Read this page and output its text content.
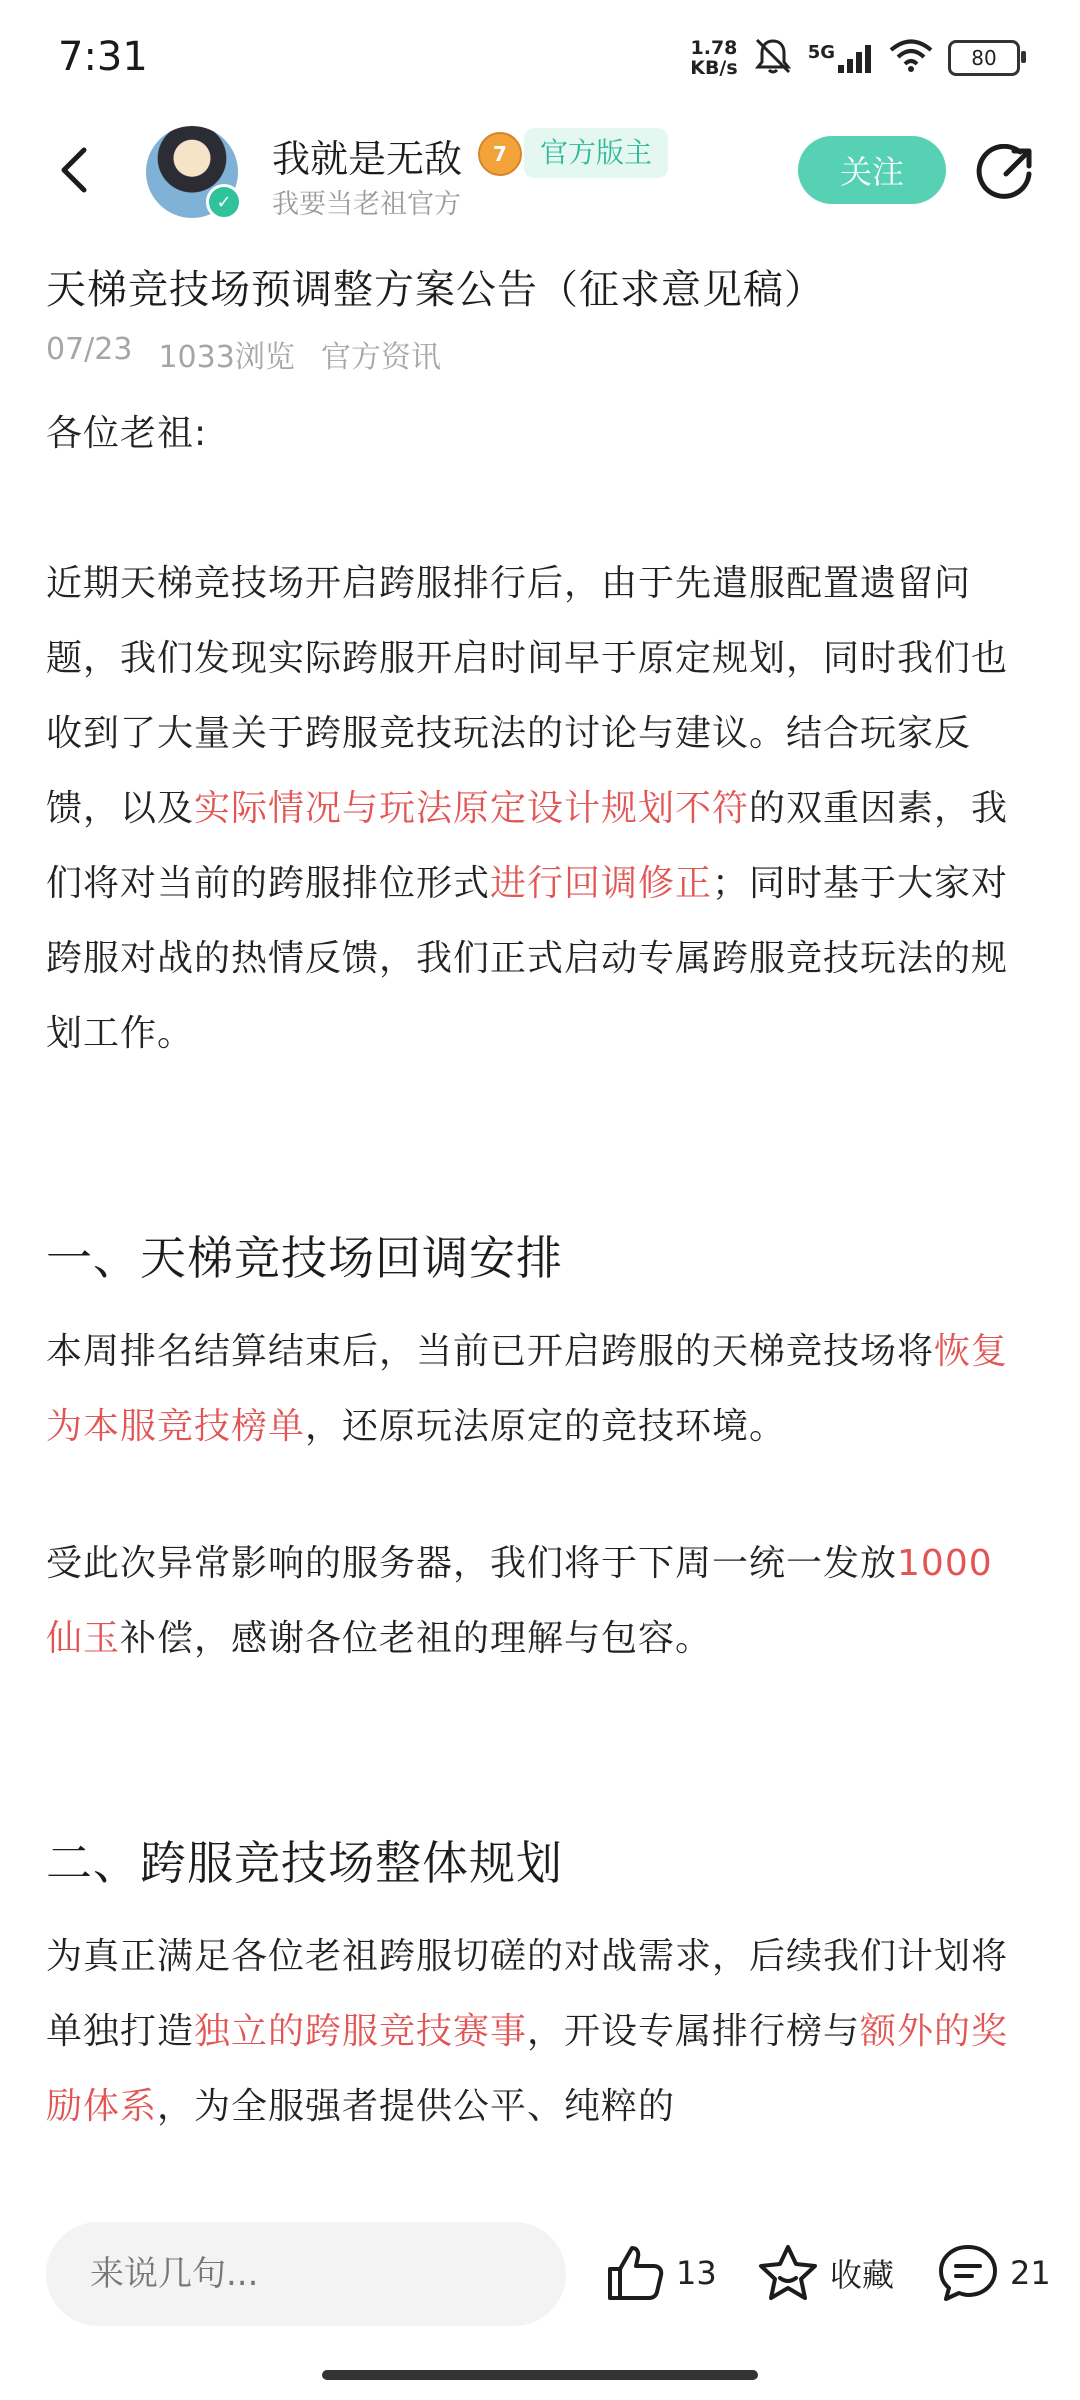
7:31	1.78
KB/s
5G	80
✓
我就是无敌	7	官方版主
我要当老祖官方
关注
天梯竞技场预调整方案公告（征求意见稿）
07/23 1033浏览 官方资讯

各位老祖:

近期天梯竞技场开启跨服排行后，由于先遣服配置遗留问题，我们发现实际跨服开启时间早于原定规划，同时我们也收到了大量关于跨服竞技玩法的讨论与建议。结合玩家反馈，以及实际情况与玩法原定设计规划不符的双重因素，我们将对当前的跨服排位形式进行回调修正；同时基于大家对跨服对战的热情反馈，我们正式启动专属跨服竞技玩法的规划工作。

一、天梯竞技场回调安排

本周排名结算结束后，当前已开启跨服的天梯竞技场将恢复为本服竞技榜单，还原玩法原定的竞技环境。

受此次异常影响的服务器，我们将于下周一统一发放1000 仙玉补偿，感谢各位老祖的理解与包容。

二、跨服竞技场整体规划

为真正满足各位老祖跨服切磋的对战需求，后续我们计划将单独打造独立的跨服竞技赛事，开设专属排行榜与额外的奖励体系，为全服强者提供公平、纯粹的

来说几句...	13	收藏	21
